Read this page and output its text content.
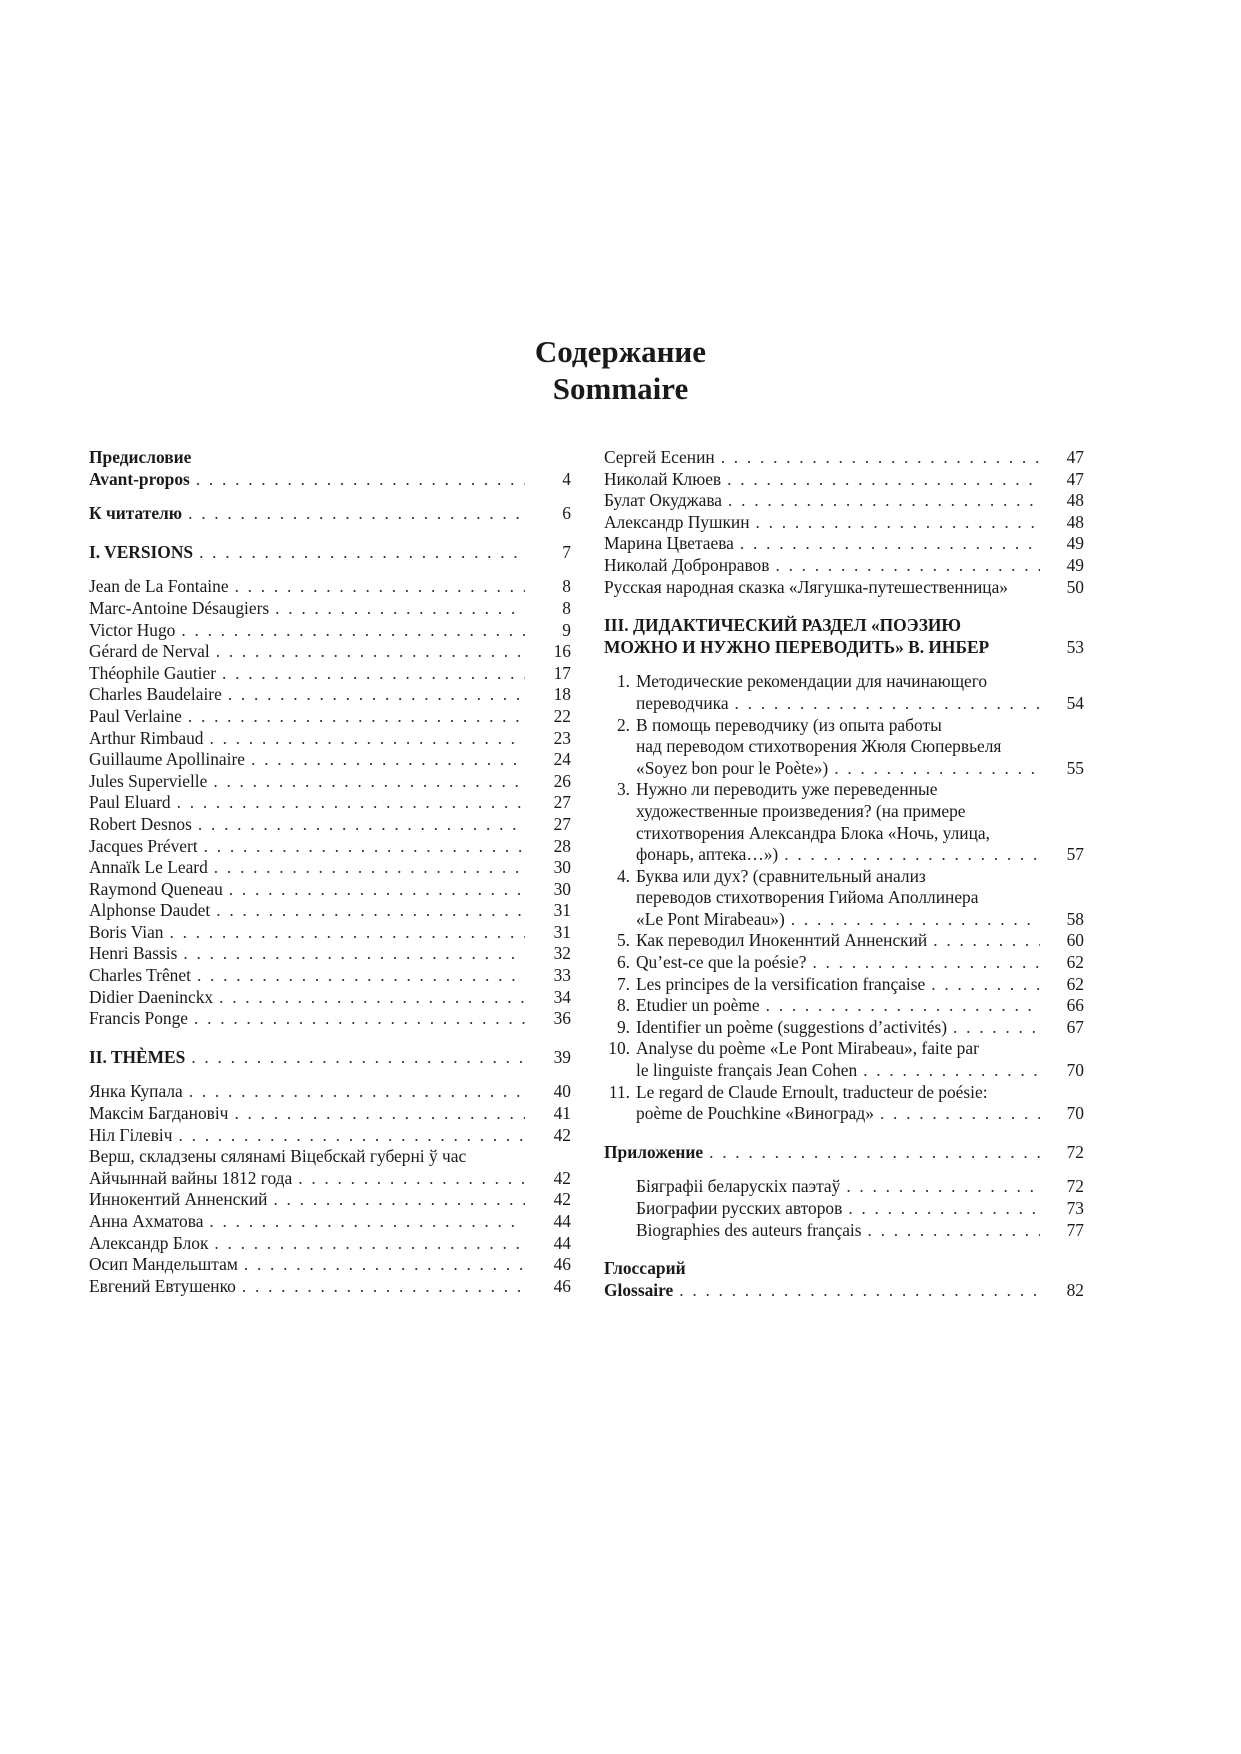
Содержание
Sommaire
Предисловие
Avant-propos . . .	4
К читателю . . .	6
I. VERSIONS . . .	7
Jean de La Fontaine . . .	8
Marc-Antoine Désaugiers . . .	8
Victor Hugo . . .	9
Gérard de Nerval . . .	16
Théophile Gautier . . .	17
Charles Baudelaire . . .	18
Paul Verlaine . . .	22
Arthur Rimbaud . . .	23
Guillaume Apollinaire . . .	24
Jules Supervielle . . .	26
Paul Eluard . . .	27
Robert Desnos . . .	27
Jacques Prévert . . .	28
Annaïk Le Leard . . .	30
Raymond Queneau . . .	30
Alphonse Daudet . . .	31
Boris Vian . . .	31
Henri Bassis . . .	32
Charles Trênet . . .	33
Didier Daeninckx . . .	34
Francis Ponge . . .	36
II. THÈMES . . .	39
Янка Купала . . .	40
Максім Багдановіч . . .	41
Ніл Гілевіч . . .	42
Верш, складзены сялянамі Віцебскай губерні ў час
Айчыннай вайны 1812 года . . .	42
Иннокентий Анненский . . .	42
Анна Ахматова . . .	44
Александр Блок . . .	44
Осип Мандельштам . . .	46
Евгений Евтушенко . . .	46
Сергей Есенин . . .	47
Николай Клюев . . .	47
Булат Окуджава . . .	48
Александр Пушкин . . .	48
Марина Цветаева . . .	49
Николай Добронравов . . .	49
Русская народная сказка «Лягушка-путешественница»	50
III. ДИДАКТИЧЕСКИЙ РАЗДЕЛ «ПОЭЗИЮ
МОЖНО И НУЖНО ПЕРЕВОДИТЬ» В. ИНБЕР	53
1. Методические рекомендации для начинающего
переводчика . . .	54
2. В помощь переводчику (из опыта работы
над переводом стихотворения Жюля Сюпервьеля
«Soyez bon pour le Poète») . . .	55
3. Нужно ли переводить уже переведенные
художественные произведения? (на примере
стихотворения Александра Блока «Ночь, улица,
фонарь, аптека…») . . .	57
4. Буква или дух? (сравнительный анализ
переводов стихотворения Гийома Аполлинера
«Le Pont Mirabeau») . . .	58
5. Как переводил Инокеннтий Анненский . . .	60
6. Qu’est-ce que la poésie? . . .	62
7. Les principes de la versification française . . .	62
8. Etudier un poème . . .	66
9. Identifier un poème (suggestions d’activités) . . .	67
10. Analyse du poème «Le Pont Mirabeau», faite par
le linguiste français Jean Cohen . . .	70
11. Le regard de Claude Ernoult, traducteur de poésie:
poème de Pouchkine «Виноград» . . .	70
Приложение . . .	72
Біяграфіі беларускіх паэтаў . . .	72
Биографии русских авторов . . .	73
Biographies des auteurs français . . .	77
Глоссарий
Glossaire . . .	82
